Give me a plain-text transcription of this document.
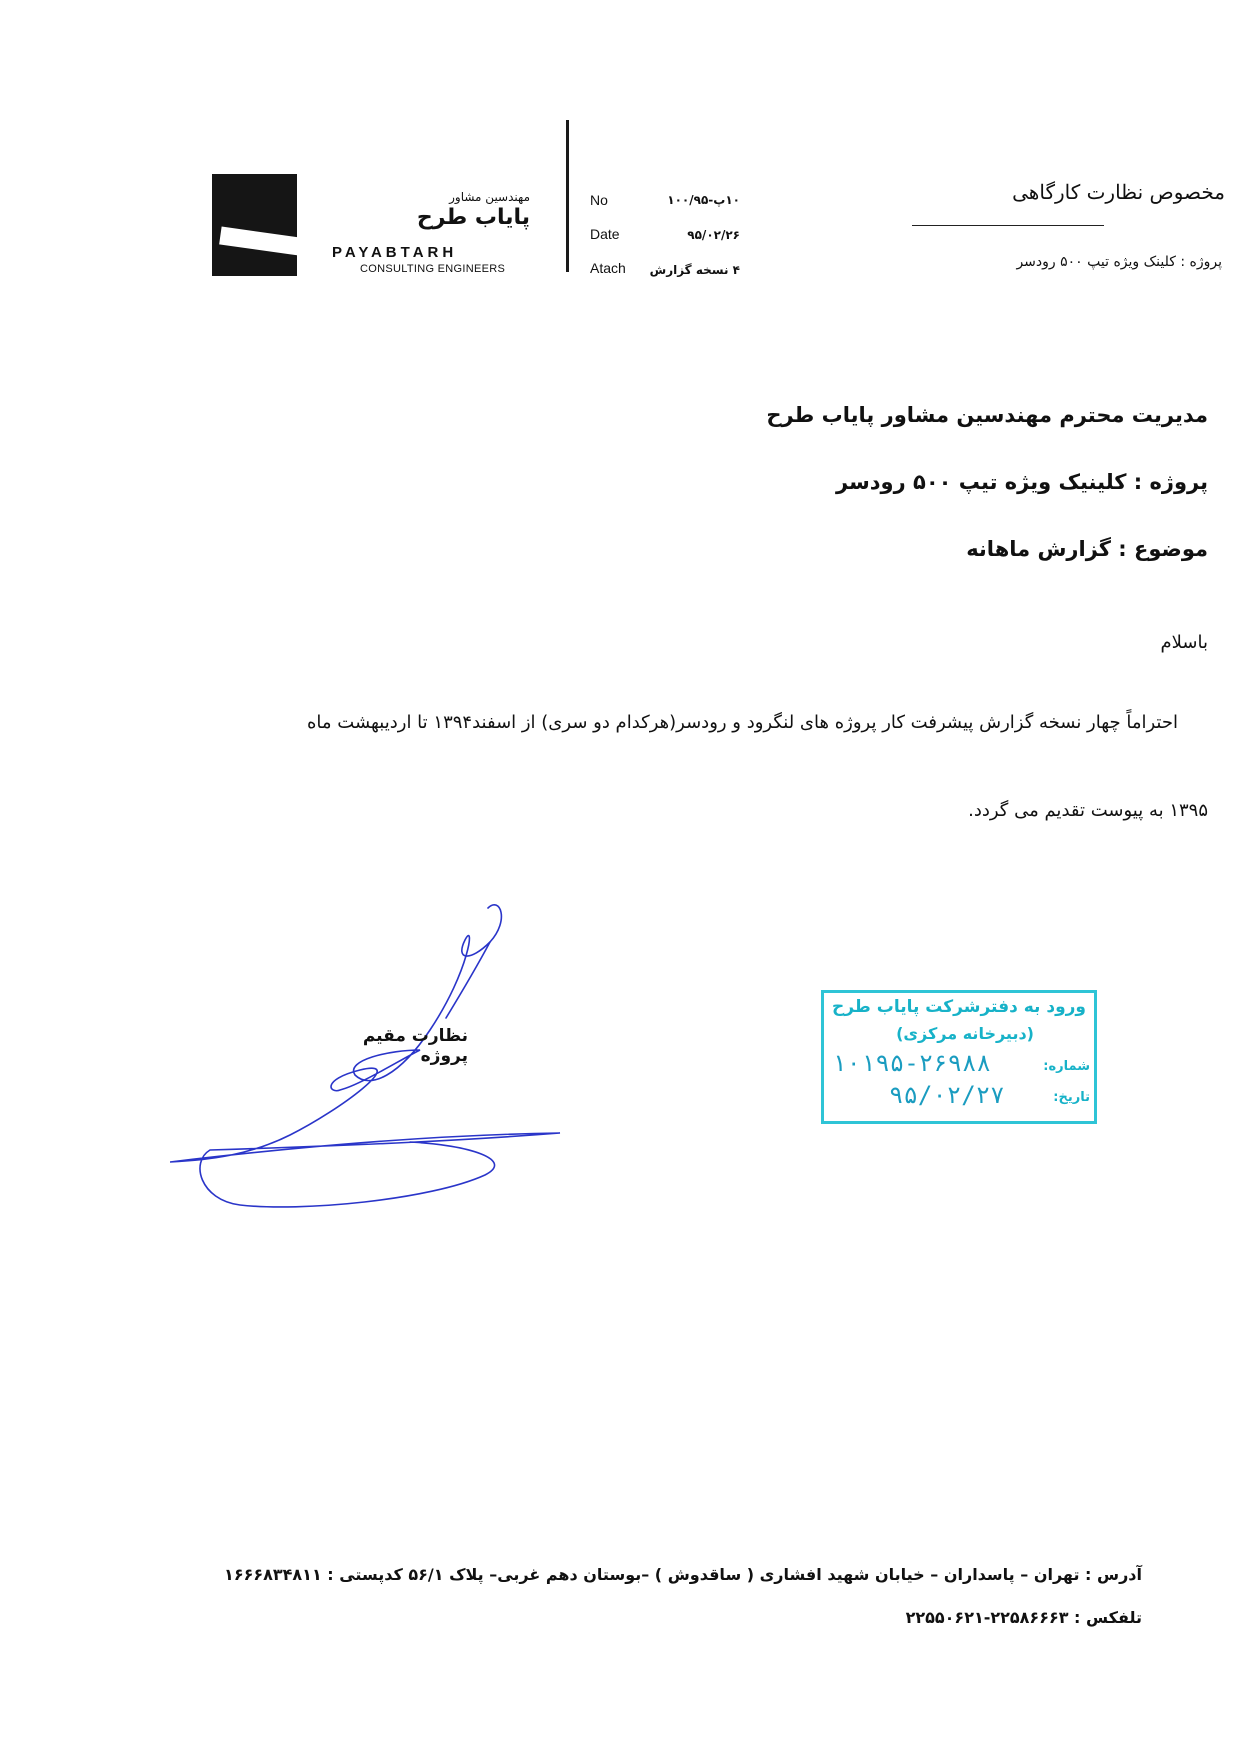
مهندسین مشاور
پایاب طرح
PAYABTARH
CONSULTING ENGINEERS
No	۱۰پ-۱۰۰/۹۵
Date	۹۵/۰۲/۲۶
Atach	۴ نسخه گزارش
مخصوص نظارت کارگاهی
پروژه : کلینک ویژه تیپ ۵۰۰ رودسر
مدیریت محترم مهندسین مشاور پایاب طرح
پروژه : کلینیک ویژه تیپ ۵۰۰ رودسر
موضوع : گزارش ماهانه
باسلام
احتراماً چهار نسخه گزارش پیشرفت کار پروژه های لنگرود و رودسر(هرکدام دو سری) از اسفند۱۳۹۴ تا اردیبهشت ماه
۱۳۹۵ به پیوست تقدیم می گردد.
نظارت مقیم پروژه
ورود به دفترشرکت پایاب طرح
(دبیرخانه مرکزی)
شماره:
۱۰۱۹۵-۲۶۹۸۸
تاریخ:
۹۵/۰۲/۲۷
آدرس : تهران – پاسداران – خیابان شهید افشاری ( ساقدوش ) –بوستان دهم غربی– پلاک ۵۶/۱ کدپستی : ۱۶۶۶۸۳۴۸۱۱
تلفکس : ۲۲۵۸۶۶۶۳-۲۲۵۵۰۶۲۱
